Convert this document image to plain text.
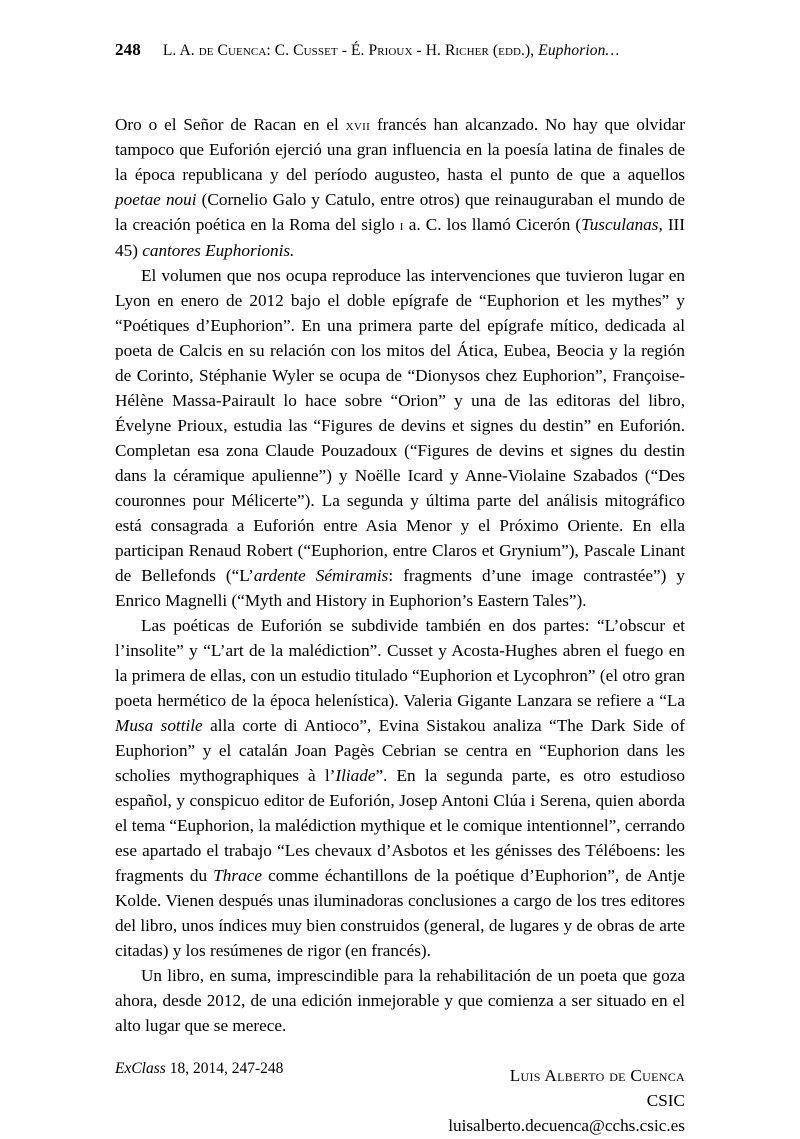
248 L. A. de Cuenca :
C. Cusset - É. Prioux - H. Richer (edd.),
Euphorion…

Oro o el Señor de Racan en el xvii francés han alcanzado. No hay que olvidar tampoco que Euforión ejerció una gran influencia en la poesía latina de finales de la época republicana y del período augusteo, hasta el punto de que a aquellos poetae noui (Cornelio Galo y Catulo, entre otros) que reinauguraban el mundo de la creación poética en la Roma del siglo i a. C. los llamó Cicerón (Tusculanas, III 45) cantores Euphorionis.

El volumen que nos ocupa reproduce las intervenciones que tuvieron lugar en Lyon en enero de 2012 bajo el doble epígrafe de “Euphorion et les mythes” y “Poétiques d’Euphorion”. En una primera parte del epígrafe mítico, dedicada al poeta de Calcis en su relación con los mitos del Ática, Eubea, Beocia y la región de Corinto, Stéphanie Wyler se ocupa de “Dionysos chez Euphorion”, Françoise-Hélène Massa-Pairault lo hace sobre “Orion” y una de las editoras del libro, Évelyne Prioux, estudia las “Figures de devins et signes du destin” en Euforión. Completan esa zona Claude Pouzadoux (“Figures de devins et signes du destin dans la céramique apulienne”) y Noëlle Icard y Anne-Violaine Szabados (“Des couronnes pour Mélicerte”). La segunda y última parte del análisis mitográfico está consagrada a Euforión entre Asia Menor y el Próximo Oriente. En ella participan Renaud Robert (“Euphorion, entre Claros et Grynium”), Pascale Linant de Bellefonds (“L’ardente Sémiramis: fragments d’une image contrastée”) y Enrico Magnelli (“Myth and History in Euphorion’s Eastern Tales”).

Las poéticas de Euforión se subdivide también en dos partes: “L’obscur et l’insolite” y “L’art de la malédiction”. Cusset y Acosta-Hughes abren el fuego en la primera de ellas, con un estudio titulado “Euphorion et Lycophron” (el otro gran poeta hermético de la época helenística). Valeria Gigante Lanzara se refiere a “La Musa sottile alla corte di Antioco”, Evina Sistakou analiza “The Dark Side of Euphorion” y el catalán Joan Pagès Cebrian se centra en “Euphorion dans les scholies mythographiques à l’Iliade”. En la segunda parte, es otro estudioso español, y conspicuo editor de Euforión, Josep Antoni Clúa i Serena, quien aborda el tema “Euphorion, la malédiction mythique et le comique intentionnel”, cerrando ese apartado el trabajo “Les chevaux d’Asbotos et les génisses des Téléboens: les fragments du Thrace comme échantillons de la poétique d’Euphorion”, de Antje Kolde. Vienen después unas iluminadoras conclusiones a cargo de los tres editores del libro, unos índices muy bien construidos (general, de lugares y de obras de arte citadas) y los resúmenes de rigor (en francés).

Un libro, en suma, imprescindible para la rehabilitación de un poeta que goza ahora, desde 2012, de una edición inmejorable y que comienza a ser situado en el alto lugar que se merece.

Luis Alberto de Cuenca
CSIC
luisalberto.decuenca@cchs.csic.es
ExClass 18, 2014, 247-248
